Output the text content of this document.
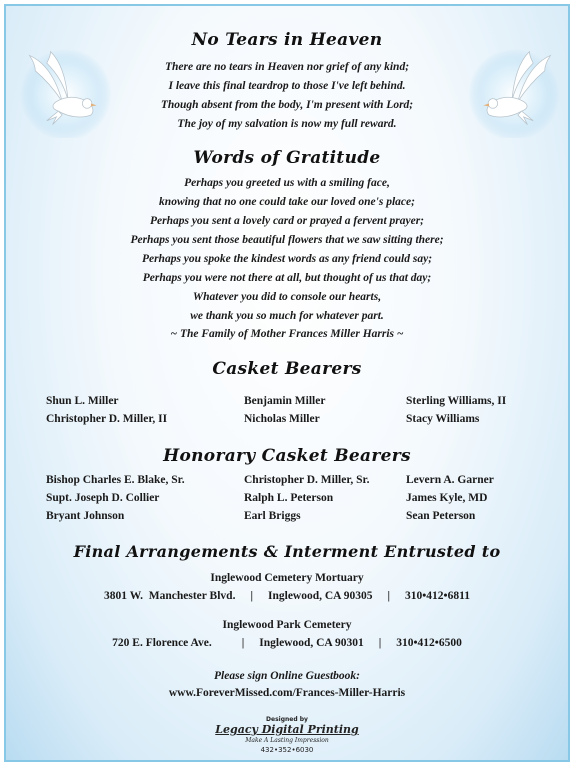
No Tears in Heaven

There are no tears in Heaven nor grief of any kind;

I leave this final teardrop to those I've left behind.

Though absent from the body, I'm present with Lord;

The joy of my salvation is now my full reward.

Words of Gratitude

Perhaps you greeted us with a smiling face,

knowing that no one could take our loved one's place;

Perhaps you sent a lovely card or prayed a fervent prayer;

Perhaps you sent those beautiful flowers that we saw sitting there;

Perhaps you spoke the kindest words as any friend could say;

Perhaps you were not there at all, but thought of us that day;

Whatever you did to console our hearts,

we thank you so much for whatever part.

~ The Family of Mother Frances Miller Harris ~
Casket Bearers
Shun L. Miller	Benjamin Miller	Sterling Williams, II
Christopher D. Miller, II	Nicholas Miller	Stacy Williams
Honorary Casket Bearers
Bishop Charles E. Blake, Sr.	Christopher D. Miller, Sr.	Levern A. Garner
Supt. Joseph D. Collier	Ralph L. Peterson	James Kyle, MD
Bryant Johnson	Earl Briggs	Sean Peterson
Final Arrangements & Interment Entrusted to
Inglewood Cemetery Mortuary
3801 W.  Manchester Blvd. | Inglewood, CA 90305 | 310•412•6811
Inglewood Park Cemetery
720 E. Florence Ave.	| Inglewood, CA 90301 | 310•412•6500
Please sign Online Guestbook:
www.ForeverMissed.com/Frances-Miller-Harris
Designed by
Legacy Digital Printing
Make A Lasting Impression
432•352•6030
